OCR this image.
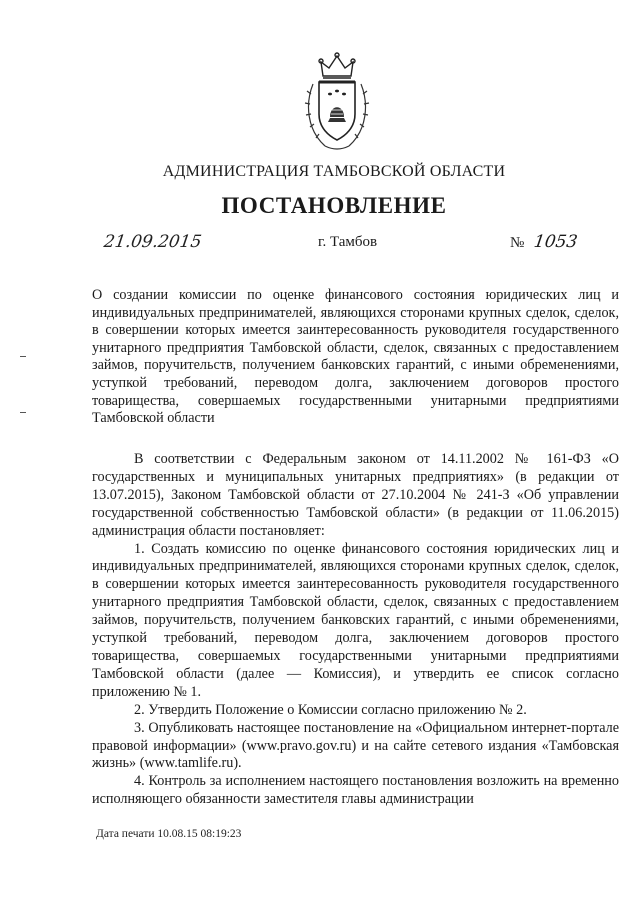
АДМИНИСТРАЦИЯ ТАМБОВСКОЙ ОБЛАСТИ
ПОСТАНОВЛЕНИЕ
21.09.2015	г. Тамбов	№ 1053
О создании комиссии по оценке финансового состояния юридических лиц и индивидуальных предпринимателей, являющихся сторонами крупных сделок, сделок, в совершении которых имеется заинтересованность руководителя государственного унитарного предприятия Тамбовской области, сделок, связанных с предоставлением займов, поручительств, получением банковских гарантий, с иными обременениями, уступкой требований, переводом долга, заключением договоров простого товарищества, совершаемых государственными унитарными предприятиями Тамбовской области

В соответствии с Федеральным законом от 14.11.2002 № 161-ФЗ «О государственных и муниципальных унитарных предприятиях» (в редакции от 13.07.2015), Законом Тамбовской области от 27.10.2004 № 241-З «Об управлении государственной собственностью Тамбовской области» (в редакции от 11.06.2015) администрация области постановляет:

1. Создать комиссию по оценке финансового состояния юридических лиц и индивидуальных предпринимателей, являющихся сторонами крупных сделок, сделок, в совершении которых имеется заинтересованность руководителя государственного унитарного предприятия Тамбовской области, сделок, связанных с предоставлением займов, поручительств, получением банковских гарантий, с иными обременениями, уступкой требований, переводом долга, заключением договоров простого товарищества, совершаемых государственными унитарными предприятиями Тамбовской области (далее — Комиссия), и утвердить ее список согласно приложению № 1.

2. Утвердить Положение о Комиссии согласно приложению № 2.

3. Опубликовать настоящее постановление на «Официальном интернет-портале правовой информации» (www.pravo.gov.ru) и на сайте сетевого издания «Тамбовская жизнь» (www.tamlife.ru).

4. Контроль за исполнением настоящего постановления возложить на временно исполняющего обязанности заместителя главы администрации

Дата печати 10.08.15 08:19:23
